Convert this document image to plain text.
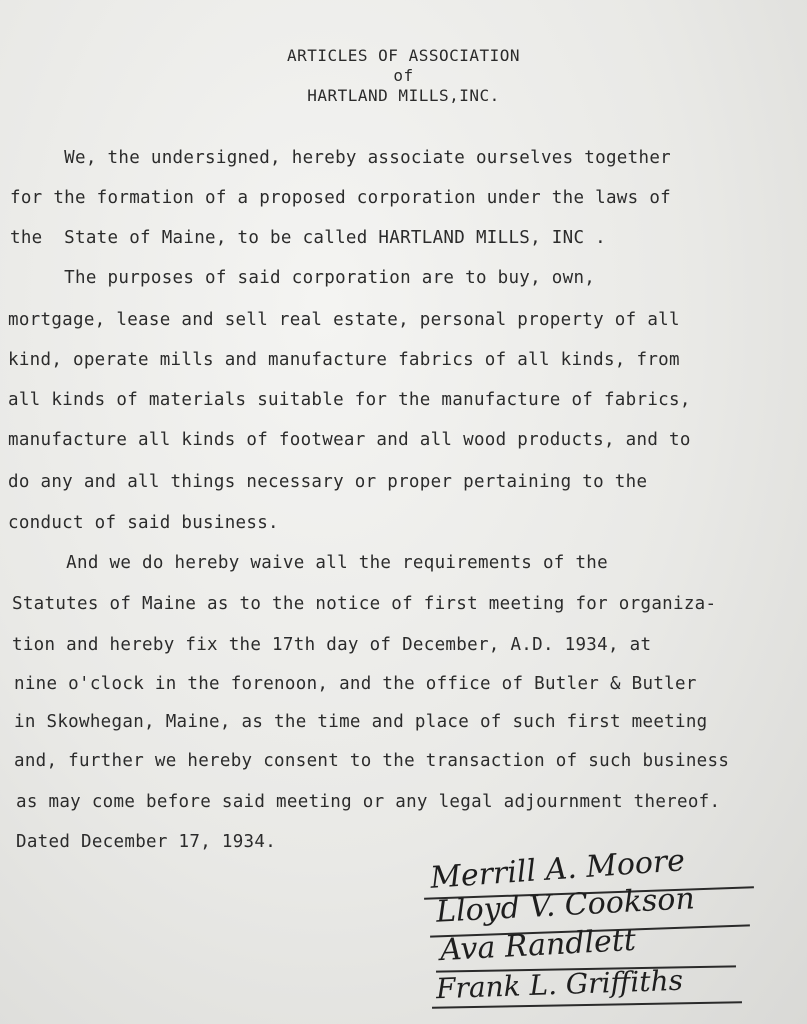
ARTICLES OF ASSOCIATION
of
HARTLAND MILLS,INC.
We, the undersigned, hereby associate ourselves together
for the formation of a proposed corporation under the laws of
the  State of Maine, to be called HARTLAND MILLS, INC .
The purposes of said corporation are to buy, own,
mortgage, lease and sell real estate, personal property of all
kind, operate mills and manufacture fabrics of all kinds, from
all kinds of materials suitable for the manufacture of fabrics,
manufacture all kinds of footwear and all wood products, and to
do any and all things necessary or proper pertaining to the
conduct of said business.
And we do hereby waive all the requirements of the
Statutes of Maine as to the notice of first meeting for organiza-
tion and hereby fix the 17th day of December, A.D. 1934, at
nine o'clock in the forenoon, and the office of Butler & Butler
in Skowhegan, Maine, as the time and place of such first meeting
and, further we hereby consent to the transaction of such business
as may come before said meeting or any legal adjournment thereof.
Dated December 17, 1934.
Merrill A. Moore
Lloyd V. Cookson
Ava Randlett
Frank L. Griffiths
